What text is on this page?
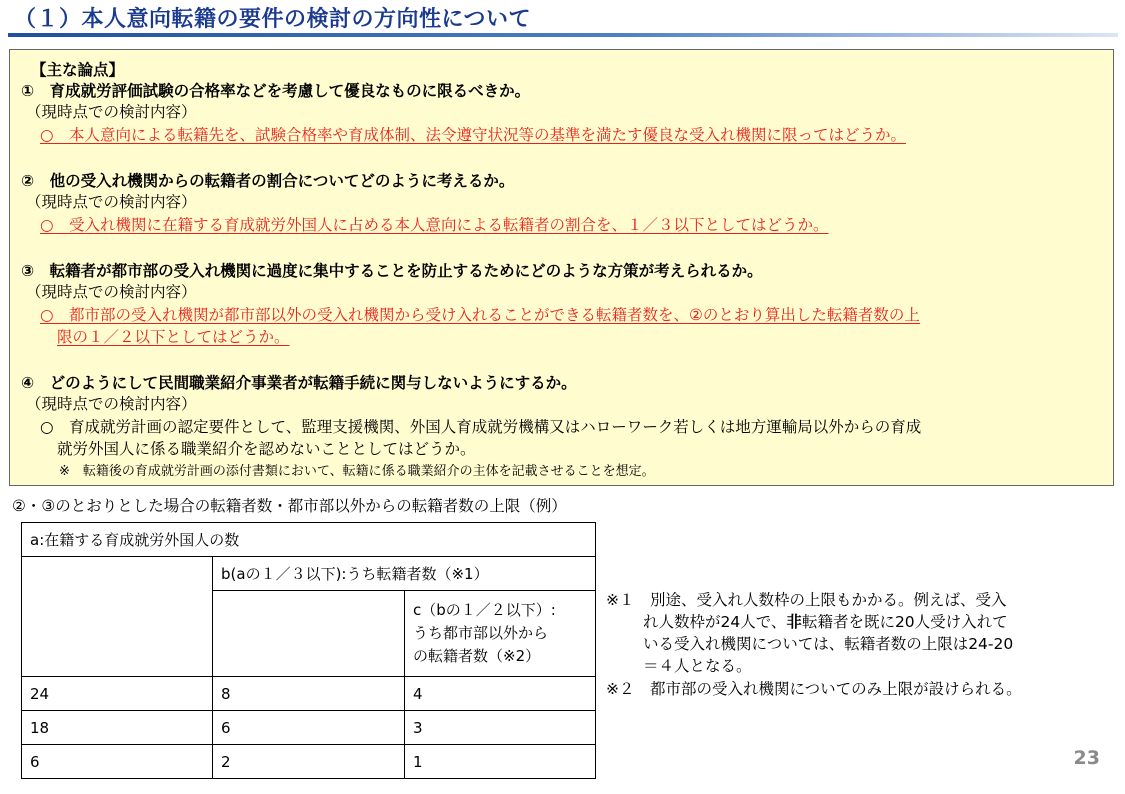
（１）本人意向転籍の要件の検討の方向性について
【主な論点】
①　育成就労評価試験の合格率などを考慮して優良なものに限るべきか。
（現時点での検討内容）
○　本人意向による転籍先を、試験合格率や育成体制、法令遵守状況等の基準を満たす優良な受入れ機関に限ってはどうか。
②　他の受入れ機関からの転籍者の割合についてどのように考えるか。
（現時点での検討内容）
○　受入れ機関に在籍する育成就労外国人に占める本人意向による転籍者の割合を、１／３以下としてはどうか。
③　転籍者が都市部の受入れ機関に過度に集中することを防止するためにどのような方策が考えられるか。
（現時点での検討内容）
○　都市部の受入れ機関が都市部以外の受入れ機関から受け入れることができる転籍者数を、②のとおり算出した転籍者数の上
限の１／２以下としてはどうか。
④　どのようにして民間職業紹介事業者が転籍手続に関与しないようにするか。
（現時点での検討内容）
○　育成就労計画の認定要件として、監理支援機関、外国人育成就労機構又はハローワーク若しくは地方運輸局以外からの育成
就労外国人に係る職業紹介を認めないこととしてはどうか。
※　転籍後の育成就労計画の添付書類において、転籍に係る職業紹介の主体を記載させることを想定。
②・③のとおりとした場合の転籍者数・都市部以外からの転籍者数の上限（例）
a:在籍する育成就労外国人の数		
	b(aの１／３以下):うち転籍者数（※1）	

		c（bの１／２以下）:
うち都市部以外から
の転籍者数（※2）

24	8	4
18	6	3
6	2	1
※１　別途、受入れ人数枠の上限もかかる。例えば、受入
れ人数枠が24人で、非転籍者を既に20人受け入れて
いる受入れ機関については、転籍者数の上限は24-20
＝４人となる。
※２　都市部の受入れ機関についてのみ上限が設けられる。
23
